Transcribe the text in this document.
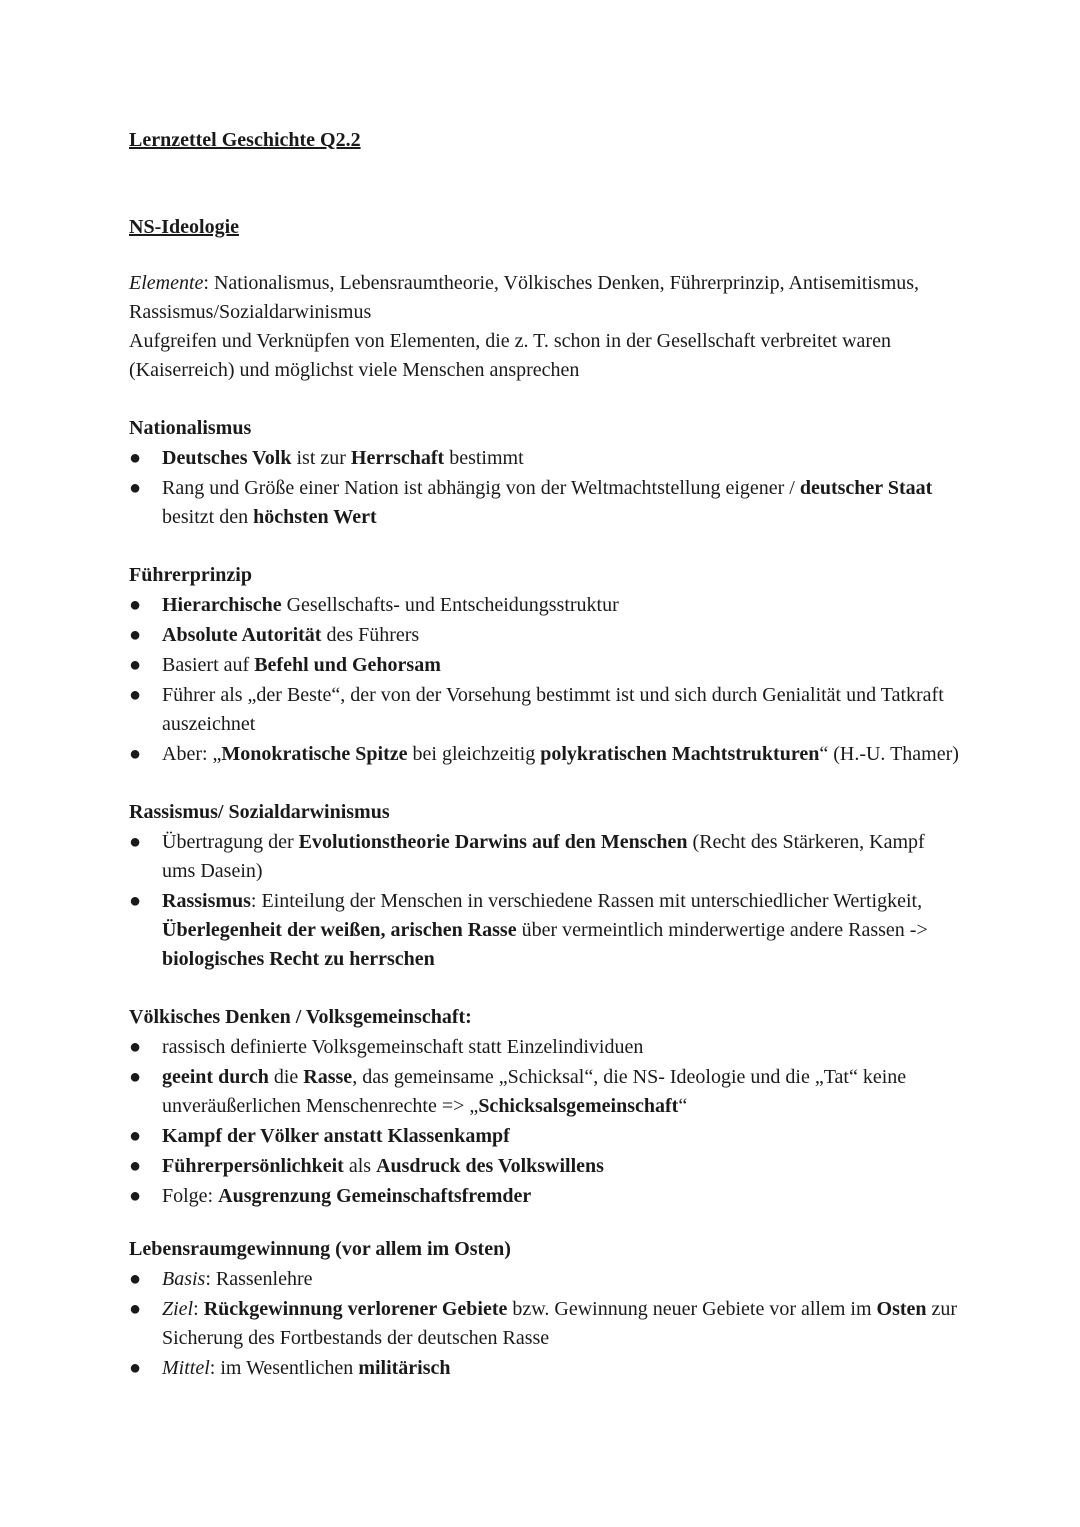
Lernzettel Geschichte Q2.2
NS-Ideologie

Elemente: Nationalismus, Lebensraumtheorie, Völkisches Denken, Führerprinzip, Antisemitismus, Rassismus/Sozialdarwinismus

Aufgreifen und Verknüpfen von Elementen, die z. T. schon in der Gesellschaft verbreitet waren (Kaiserreich) und möglichst viele Menschen ansprechen

Nationalismus
● Deutsches Volk ist zur Herrschaft bestimmt
● Rang und Größe einer Nation ist abhängig von der Weltmachtstellung eigener / deutscher Staat besitzt den höchsten Wert
Führerprinzip
● Hierarchische Gesellschafts- und Entscheidungsstruktur
● Absolute Autorität des Führers
● Basiert auf Befehl und Gehorsam
● Führer als „der Beste“, der von der Vorsehung bestimmt ist und sich durch Genialität und Tatkraft auszeichnet
● Aber: „Monokratische Spitze bei gleichzeitig polykratischen Machtstrukturen“ (H.-U. Thamer)
Rassismus/ Sozialdarwinismus
● Übertragung der Evolutionstheorie Darwins auf den Menschen (Recht des Stärkeren, Kampf ums Dasein)
● Rassismus: Einteilung der Menschen in verschiedene Rassen mit unterschiedlicher Wertigkeit, Überlegenheit der weißen, arischen Rasse über vermeintlich minderwertige andere Rassen -> biologisches Recht zu herrschen
Völkisches Denken / Volksgemeinschaft:
● rassisch definierte Volksgemeinschaft statt Einzelindividuen
● geeint durch die Rasse, das gemeinsame „Schicksal“, die NS- Ideologie und die „Tat“ keine unveräußerlichen Menschenrechte => „Schicksalsgemeinschaft“
● Kampf der Völker anstatt Klassenkampf
● Führerpersönlichkeit als Ausdruck des Volkswillens
● Folge: Ausgrenzung Gemeinschaftsfremder
Lebensraumgewinnung (vor allem im Osten)
● Basis: Rassenlehre
● Ziel: Rückgewinnung verlorener Gebiete bzw. Gewinnung neuer Gebiete vor allem im Osten zur Sicherung des Fortbestands der deutschen Rasse
● Mittel: im Wesentlichen militärisch
